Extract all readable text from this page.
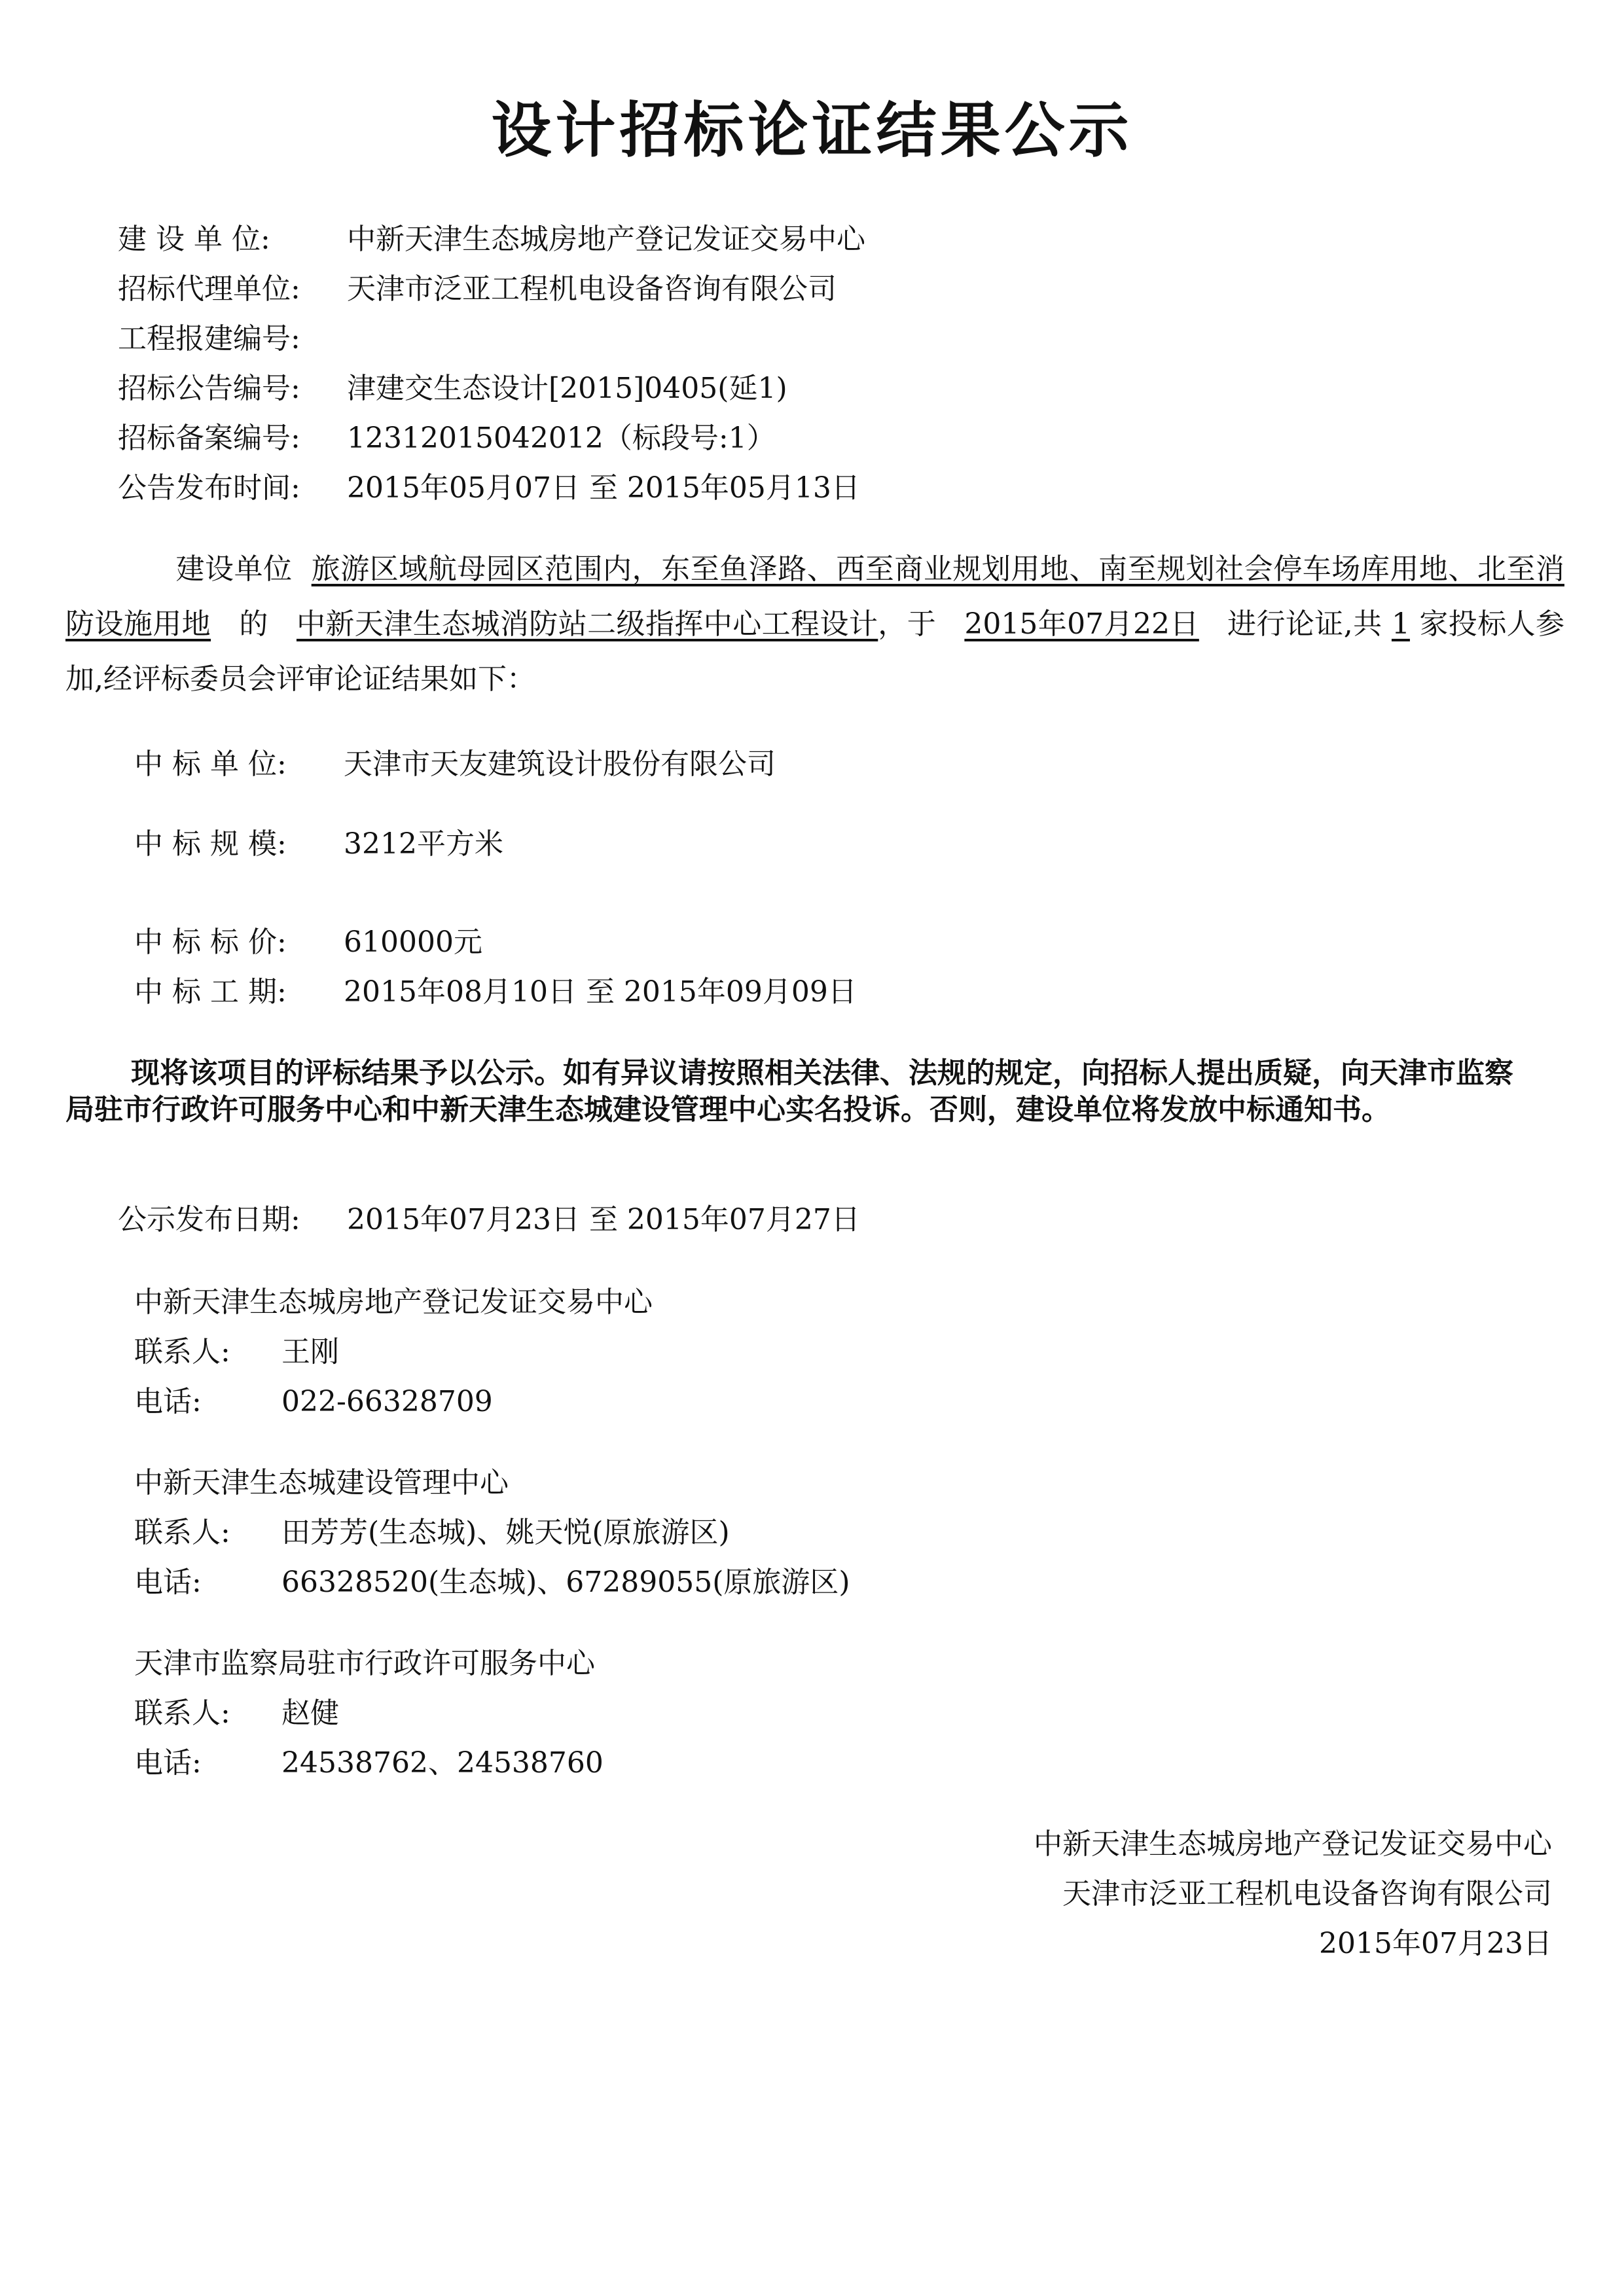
设计招标论证结果公示
建 设 单 位:	中新天津生态城房地产登记发证交易中心
招标代理单位: 天津市泛亚工程机电设备咨询有限公司
工程报建编号:
招标公告编号: 津建交生态设计[2015]0405(延1)
招标备案编号: 12312015042012（标段号:1）
公告发布时间: 2015年05月07日 至 2015年05月13日
建设单位 旅游区域航母园区范围内，东至鱼泽路、西至商业规划用地、南至规划社会停车场库用地、北至消防设施用地 的 中新天津生态城消防站二级指挥中心工程设计，于 2015年07月22日 进行论证,共 1 家投标人参加,经评标委员会评审论证结果如下：
中 标 单 位: 天津市天友建筑设计股份有限公司
中 标 规 模: 3212平方米
中 标 标 价: 610000元
中 标 工 期: 2015年08月10日 至 2015年09月09日
现将该项目的评标结果予以公示。如有异议请按照相关法律、法规的规定，向招标人提出质疑，向天津市监察局驻市行政许可服务中心和中新天津生态城建设管理中心实名投诉。否则，建设单位将发放中标通知书。
公示发布日期: 2015年07月23日 至 2015年07月27日
中新天津生态城房地产登记发证交易中心
联系人: 王刚
电话:	022-66328709
中新天津生态城建设管理中心
联系人: 田芳芳(生态城)、姚天悦(原旅游区)
电话:	66328520(生态城)、67289055(原旅游区)
天津市监察局驻市行政许可服务中心
联系人: 赵健
电话:	24538762、24538760
中新天津生态城房地产登记发证交易中心
天津市泛亚工程机电设备咨询有限公司
2015年07月23日
